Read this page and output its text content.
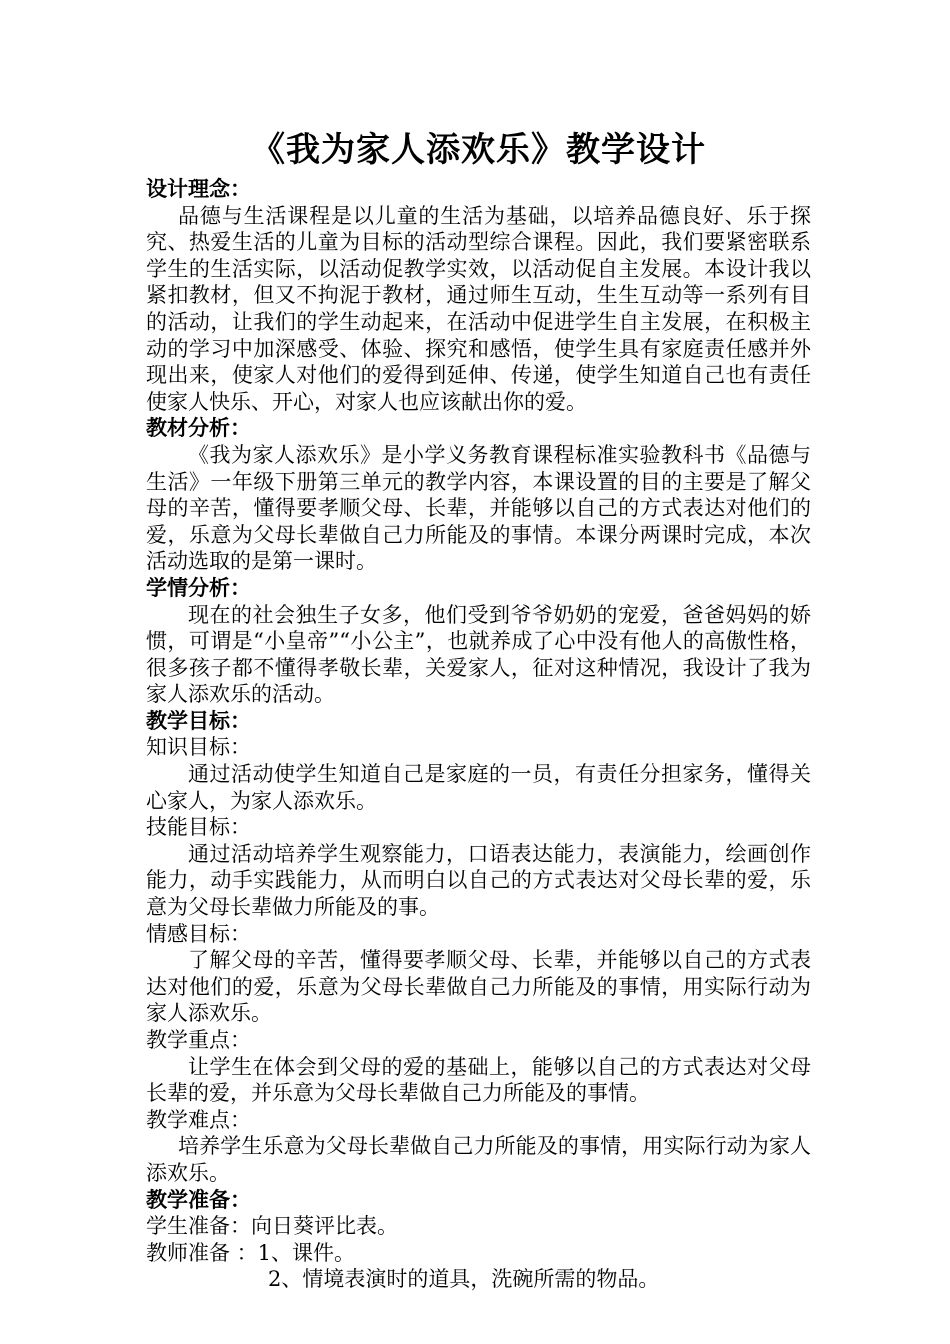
《我为家人添欢乐》教学设计
设计理念：
品德与生活课程是以儿童的生活为基础，以培养品德良好、乐于探究、热爱生活的儿童为目标的活动型综合课程。因此，我们要紧密联系学生的生活实际，以活动促教学实效，以活动促自主发展。本设计我以紧扣教材，但又不拘泥于教材，通过师生互动，生生互动等一系列有目的活动，让我们的学生动起来，在活动中促进学生自主发展，在积极主动的学习中加深感受、体验、探究和感悟，使学生具有家庭责任感并外现出来，使家人对他们的爱得到延伸、传递，使学生知道自己也有责任使家人快乐、开心，对家人也应该献出你的爱。
教材分析：
《我为家人添欢乐》是小学义务教育课程标准实验教科书《品德与生活》一年级下册第三单元的教学内容，本课设置的目的主要是了解父母的辛苦，懂得要孝顺父母、长辈，并能够以自己的方式表达对他们的爱，乐意为父母长辈做自己力所能及的事情。本课分两课时完成，本次活动选取的是第一课时。
学情分析：
现在的社会独生子女多，他们受到爷爷奶奶的宠爱，爸爸妈妈的娇惯，可谓是“小皇帝”“小公主”，也就养成了心中没有他人的高傲性格，很多孩子都不懂得孝敬长辈，关爱家人，征对这种情况，我设计了我为家人添欢乐的活动。
教学目标：
知识目标：
通过活动使学生知道自己是家庭的一员，有责任分担家务，懂得关心家人，为家人添欢乐。
技能目标：
通过活动培养学生观察能力，口语表达能力，表演能力，绘画创作能力，动手实践能力，从而明白以自己的方式表达对父母长辈的爱，乐意为父母长辈做力所能及的事。
情感目标：
了解父母的辛苦，懂得要孝顺父母、长辈，并能够以自己的方式表达对他们的爱，乐意为父母长辈做自己力所能及的事情，用实际行动为家人添欢乐。
教学重点：
让学生在体会到父母的爱的基础上，能够以自己的方式表达对父母长辈的爱，并乐意为父母长辈做自己力所能及的事情。
教学难点：
培养学生乐意为父母长辈做自己力所能及的事情，用实际行动为家人添欢乐。
教学准备：
学生准备：向日葵评比表。
教师准备 ：1、课件。
2、情境表演时的道具，洗碗所需的物品。
